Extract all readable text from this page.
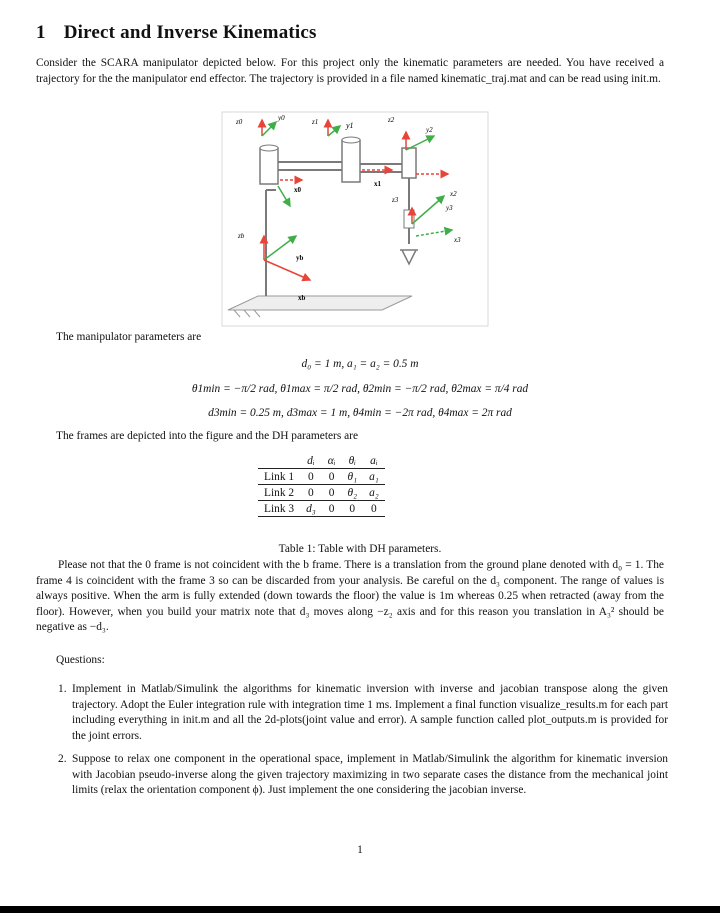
1 Direct and Inverse Kinematics
Consider the SCARA manipulator depicted below. For this project only the kinematic parameters are needed. You have received a trajectory for the the manipulator end effector. The trajectory is provided in a file named kinematic_traj.mat and can be read using init.m.
z0	y0
x0
z1	y1
x1
z2
y2
x2
z3
y3
x3
zb
yb
xb
The manipulator parameters are
d₀ = 1 m, a₁ = a₂ = 0.5 m
θ1min = −π/2 rad, θ1max = π/2 rad, θ2min = −π/2 rad, θ2max = π/4 rad
d3min = 0.25 m, d3max = 1 m, θ4min = −2π rad, θ4max = 2π rad
The frames are depicted into the figure and the DH parameters are
	dᵢ	αᵢ	θᵢ	aᵢ
Link 1	0	0	θ₁	a₁
Link 2	0	0	θ₂	a₂
Link 3	d₃	0	0	0
Table 1: Table with DH parameters.
Please not that the 0 frame is not coincident with the b frame. There is a translation from the ground plane denoted with d₀ = 1. The frame 4 is coincident with the frame 3 so can be discarded from your analysis. Be careful on the d₃ component. The range of values is always positive. When the arm is fully extended (down towards the floor) the value is 1m whereas 0.25 when retracted (away from the floor). However, when you build your matrix note that d₃ moves along −z₂ axis and for this reason you translation in A₃² should be negative as −d₃.
Questions:
1. Implement in Matlab/Simulink the algorithms for kinematic inversion with inverse and jacobian transpose along the given trajectory. Adopt the Euler integration rule with integration time 1 ms. Implement a final function visualize_results.m for each part including everything in init.m and all the 2d-plots(joint value and error). A sample function called plot_outputs.m is provided for the joint errors.
2. Suppose to relax one component in the operational space, implement in Matlab/Simulink the algorithm for kinematic inversion with Jacobian pseudo-inverse along the given trajectory maximizing in two separate cases the distance from the mechanical joint limits (relax the orientation component ϕ). Just implement the one considering the jacobian inverse.
1
